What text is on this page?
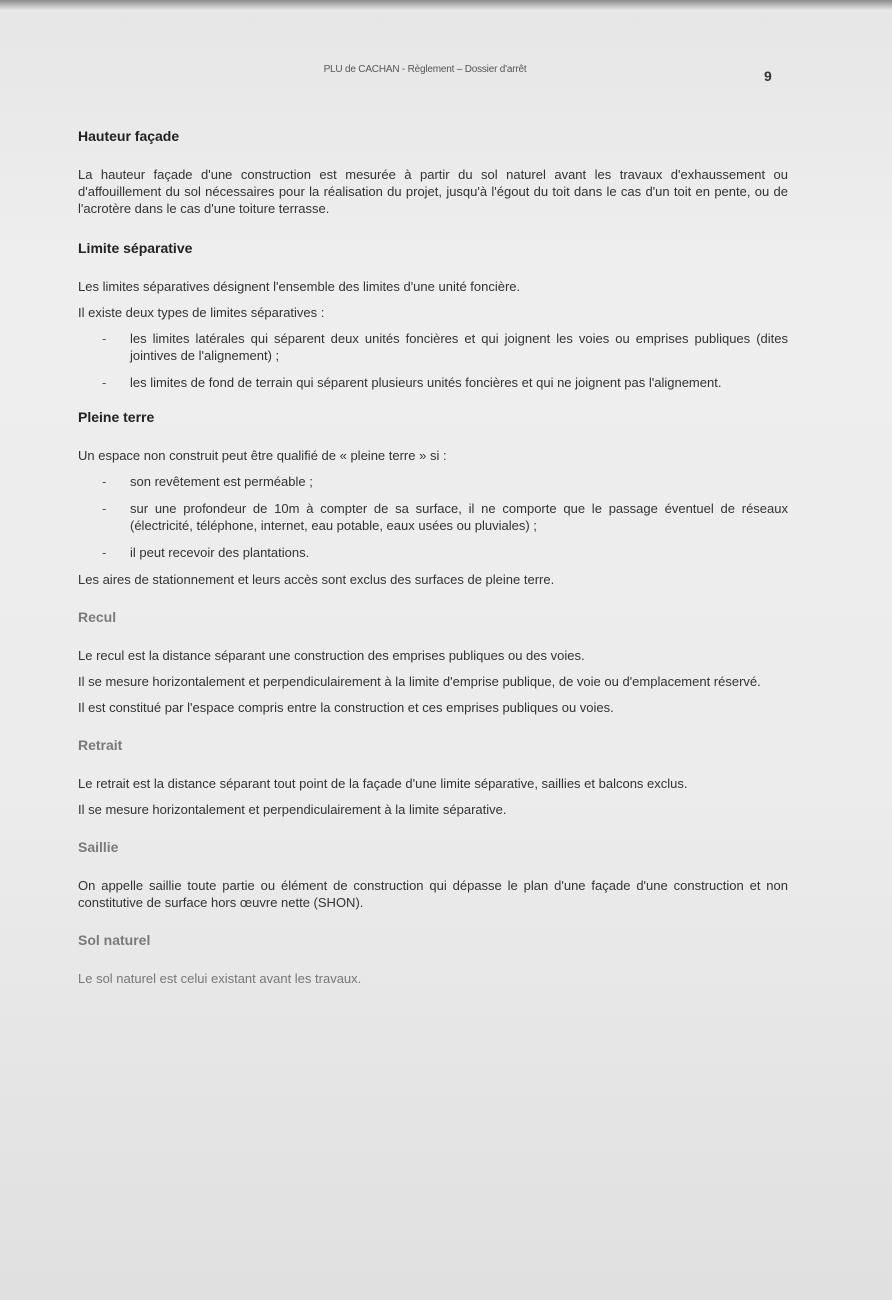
PLU de CACHAN - Règlement – Dossier d'arrêt	9
Hauteur façade

La hauteur façade d'une construction est mesurée à partir du sol naturel avant les travaux d'exhaussement ou d'affouillement du sol nécessaires pour la réalisation du projet, jusqu'à l'égout du toit dans le cas d'un toit en pente, ou de l'acrotère dans le cas d'une toiture terrasse.

Limite séparative

Les limites séparatives désignent l'ensemble des limites d'une unité foncière.

Il existe deux types de limites séparatives :

- les limites latérales qui séparent deux unités foncières et qui joignent les voies ou emprises publiques (dites jointives de l'alignement) ;
- les limites de fond de terrain qui séparent plusieurs unités foncières et qui ne joignent pas l'alignement.
Pleine terre

Un espace non construit peut être qualifié de « pleine terre » si :

- son revêtement est perméable ;
- sur une profondeur de 10m à compter de sa surface, il ne comporte que le passage éventuel de réseaux (électricité, téléphone, internet, eau potable, eaux usées ou pluviales) ;
- il peut recevoir des plantations.

Les aires de stationnement et leurs accès sont exclus des surfaces de pleine terre.

Recul

Le recul est la distance séparant une construction des emprises publiques ou des voies.

Il se mesure horizontalement et perpendiculairement à la limite d'emprise publique, de voie ou d'emplacement réservé.

Il est constitué par l'espace compris entre la construction et ces emprises publiques ou voies.

Retrait

Le retrait est la distance séparant tout point de la façade d'une limite séparative, saillies et balcons exclus.

Il se mesure horizontalement et perpendiculairement à la limite séparative.

Saillie

On appelle saillie toute partie ou élément de construction qui dépasse le plan d'une façade d'une construction et non constitutive de surface hors œuvre nette (SHON).

Sol naturel

Le sol naturel est celui existant avant les travaux.
